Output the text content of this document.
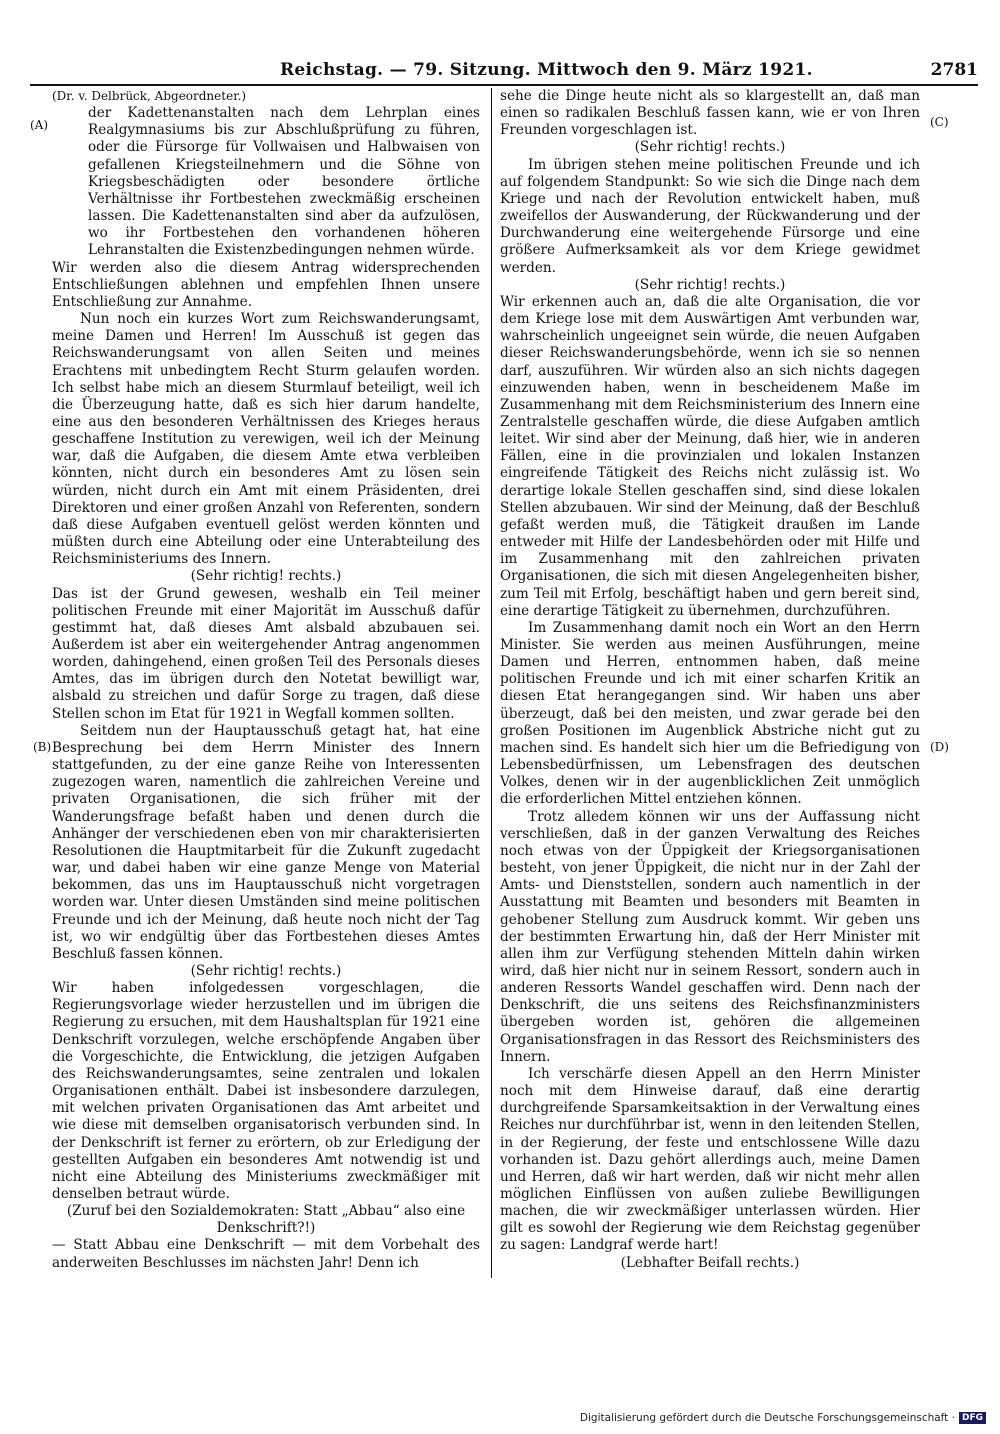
Reichstag. — 79. Sitzung. Mittwoch den 9. März 1921.	2781
(A)
(B)
(C)
(D)

(Dr. v. Delbrück, Abgeordneter.)

der Kadettenanstalten nach dem Lehrplan eines Realgymnasiums bis zur Abschlußprüfung zu führen, oder die Fürsorge für Vollwaisen und Halbwaisen von gefallenen Kriegsteilnehmern und die Söhne von Kriegsbeschädigten oder besondere örtliche Verhältnisse ihr Fortbestehen zweckmäßig erscheinen lassen. Die Kadettenanstalten sind aber da aufzulösen, wo ihr Fortbestehen den vorhandenen höheren Lehranstalten die Existenzbedingungen nehmen würde.

Wir werden also die diesem Antrag widersprechenden Entschließungen ablehnen und empfehlen Ihnen unsere Entschließung zur Annahme.

Nun noch ein kurzes Wort zum Reichswanderungsamt, meine Damen und Herren! Im Ausschuß ist gegen das Reichswanderungsamt von allen Seiten und meines Erachtens mit unbedingtem Recht Sturm gelaufen worden. Ich selbst habe mich an diesem Sturmlauf beteiligt, weil ich die Überzeugung hatte, daß es sich hier darum handelte, eine aus den besonderen Verhältnissen des Krieges heraus geschaffene Institution zu verewigen, weil ich der Meinung war, daß die Aufgaben, die diesem Amte etwa verbleiben könnten, nicht durch ein besonderes Amt zu lösen sein würden, nicht durch ein Amt mit einem Präsidenten, drei Direktoren und einer großen Anzahl von Referenten, sondern daß diese Aufgaben eventuell gelöst werden könnten und müßten durch eine Abteilung oder eine Unterabteilung des Reichsministeriums des Innern.

(Sehr richtig! rechts.)

Das ist der Grund gewesen, weshalb ein Teil meiner politischen Freunde mit einer Majorität im Ausschuß dafür gestimmt hat, daß dieses Amt alsbald abzubauen sei. Außerdem ist aber ein weitergehender Antrag angenommen worden, dahingehend, einen großen Teil des Personals dieses Amtes, das im übrigen durch den Notetat bewilligt war, alsbald zu streichen und dafür Sorge zu tragen, daß diese Stellen schon im Etat für 1921 in Wegfall kommen sollten.

Seitdem nun der Hauptausschuß getagt hat, hat eine Besprechung bei dem Herrn Minister des Innern stattgefunden, zu der eine ganze Reihe von Interessenten zugezogen waren, namentlich die zahlreichen Vereine und privaten Organisationen, die sich früher mit der Wanderungsfrage befaßt haben und denen durch die Anhänger der verschiedenen eben von mir charakterisierten Resolutionen die Hauptmitarbeit für die Zukunft zugedacht war, und dabei haben wir eine ganze Menge von Material bekommen, das uns im Hauptausschuß nicht vorgetragen worden war. Unter diesen Umständen sind meine politischen Freunde und ich der Meinung, daß heute noch nicht der Tag ist, wo wir endgültig über das Fortbestehen dieses Amtes Beschluß fassen können.

(Sehr richtig! rechts.)

Wir haben infolgedessen vorgeschlagen, die Regierungsvorlage wieder herzustellen und im übrigen die Regierung zu ersuchen, mit dem Haushaltsplan für 1921 eine Denkschrift vorzulegen, welche erschöpfende Angaben über die Vorgeschichte, die Entwicklung, die jetzigen Aufgaben des Reichswanderungsamtes, seine zentralen und lokalen Organisationen enthält. Dabei ist insbesondere darzulegen, mit welchen privaten Organisationen das Amt arbeitet und wie diese mit demselben organisatorisch verbunden sind. In der Denkschrift ist ferner zu erörtern, ob zur Erledigung der gestellten Aufgaben ein besonderes Amt notwendig ist und nicht eine Abteilung des Ministeriums zweckmäßiger mit denselben betraut würde.

(Zuruf bei den Sozialdemokraten: Statt „Abbau“ also eine Denkschrift?!)

— Statt Abbau eine Denkschrift — mit dem Vorbehalt des anderweiten Beschlusses im nächsten Jahr! Denn ich

sehe die Dinge heute nicht als so klargestellt an, daß man einen so radikalen Beschluß fassen kann, wie er von Ihren Freunden vorgeschlagen ist.

(Sehr richtig! rechts.)

Im übrigen stehen meine politischen Freunde und ich auf folgendem Standpunkt: So wie sich die Dinge nach dem Kriege und nach der Revolution entwickelt haben, muß zweifellos der Auswanderung, der Rückwanderung und der Durchwanderung eine weitergehende Fürsorge und eine größere Aufmerksamkeit als vor dem Kriege gewidmet werden.

(Sehr richtig! rechts.)

Wir erkennen auch an, daß die alte Organisation, die vor dem Kriege lose mit dem Auswärtigen Amt verbunden war, wahrscheinlich ungeeignet sein würde, die neuen Aufgaben dieser Reichswanderungsbehörde, wenn ich sie so nennen darf, auszuführen. Wir würden also an sich nichts dagegen einzuwenden haben, wenn in bescheidenem Maße im Zusammenhang mit dem Reichsministerium des Innern eine Zentralstelle geschaffen würde, die diese Aufgaben amtlich leitet. Wir sind aber der Meinung, daß hier, wie in anderen Fällen, eine in die provinzialen und lokalen Instanzen eingreifende Tätigkeit des Reichs nicht zulässig ist. Wo derartige lokale Stellen geschaffen sind, sind diese lokalen Stellen abzubauen. Wir sind der Meinung, daß der Beschluß gefaßt werden muß, die Tätigkeit draußen im Lande entweder mit Hilfe der Landesbehörden oder mit Hilfe und im Zusammenhang mit den zahlreichen privaten Organisationen, die sich mit diesen Angelegenheiten bisher, zum Teil mit Erfolg, beschäftigt haben und gern bereit sind, eine derartige Tätigkeit zu übernehmen, durchzuführen.

Im Zusammenhang damit noch ein Wort an den Herrn Minister. Sie werden aus meinen Ausführungen, meine Damen und Herren, entnommen haben, daß meine politischen Freunde und ich mit einer scharfen Kritik an diesen Etat herangegangen sind. Wir haben uns aber überzeugt, daß bei den meisten, und zwar gerade bei den großen Positionen im Augenblick Abstriche nicht gut zu machen sind. Es handelt sich hier um die Befriedigung von Lebensbedürfnissen, um Lebensfragen des deutschen Volkes, denen wir in der augenblicklichen Zeit unmöglich die erforderlichen Mittel entziehen können.

Trotz alledem können wir uns der Auffassung nicht verschließen, daß in der ganzen Verwaltung des Reiches noch etwas von der Üppigkeit der Kriegsorganisationen besteht, von jener Üppigkeit, die nicht nur in der Zahl der Amts- und Dienststellen, sondern auch namentlich in der Ausstattung mit Beamten und besonders mit Beamten in gehobener Stellung zum Ausdruck kommt. Wir geben uns der bestimmten Erwartung hin, daß der Herr Minister mit allen ihm zur Verfügung stehenden Mitteln dahin wirken wird, daß hier nicht nur in seinem Ressort, sondern auch in anderen Ressorts Wandel geschaffen wird. Denn nach der Denkschrift, die uns seitens des Reichsfinanzministers übergeben worden ist, gehören die allgemeinen Organisationsfragen in das Ressort des Reichsministers des Innern.

Ich verschärfe diesen Appell an den Herrn Minister noch mit dem Hinweise darauf, daß eine derartig durchgreifende Sparsamkeitsaktion in der Verwaltung eines Reiches nur durchführbar ist, wenn in den leitenden Stellen, in der Regierung, der feste und entschlossene Wille dazu vorhanden ist. Dazu gehört allerdings auch, meine Damen und Herren, daß wir hart werden, daß wir nicht mehr allen möglichen Einflüssen von außen zuliebe Bewilligungen machen, die wir zweckmäßiger unterlassen würden. Hier gilt es sowohl der Regierung wie dem Reichstag gegenüber zu sagen: Landgraf werde hart!

(Lebhafter Beifall rechts.)

Digitalisierung gefördert durch die Deutsche Forschungsgemeinschaft · DFG
